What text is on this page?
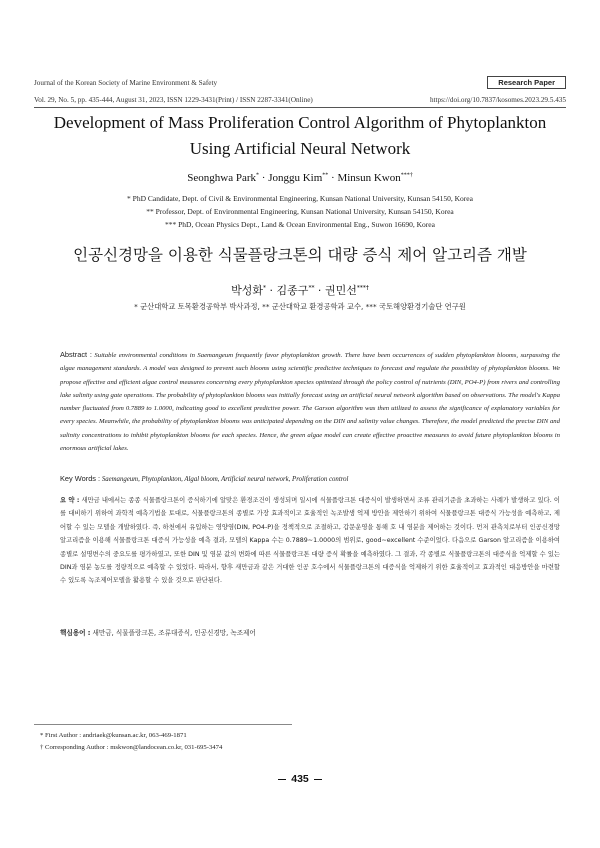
Journal of the Korean Society of Marine Environment & Safety	Research Paper
Vol. 29, No. 5, pp. 435-444, August 31, 2023, ISSN 1229-3431(Print) / ISSN 2287-3341(Online)	https://doi.org/10.7837/kosomes.2023.29.5.435
Development of Mass Proliferation Control Algorithm of Phytoplankton
Using Artificial Neural Network
Seonghwa Park* · Jonggu Kim** · Minsun Kwon***†
* PhD Candidate, Dept. of Civil & Environmental Engineering, Kunsan National University, Kunsan 54150, Korea
** Professor, Dept. of Environmental Engineering, Kunsan National University, Kunsan 54150, Korea
*** PhD, Ocean Physics Dept., Land & Ocean Environmental Eng., Suwon 16690, Korea
인공신경망을 이용한 식물플랑크톤의 대량 증식 제어 알고리즘 개발
박성화* · 김종구** · 권민선***†
* 군산대학교 토목환경공학부 박사과정, ** 군산대학교 환경공학과 교수, *** 국토해양환경기술단 연구원
Abstract : Suitable environmental conditions in Saemangeum frequently favor phytoplankton growth. There have been occurrences of sudden phytoplankton blooms, surpassing the algae management standards. A model was designed to prevent such blooms using scientific predictive techniques to forecast and regulate the possibility of phytoplankton blooms. We propose effective and efficient algae control measures concerning every phytoplankton species optimized through the policy control of nutrients (DIN, PO4-P) from rivers and controlling lake salinity using gate operations. The probability of phytoplankton blooms was initially forecast using an artificial neural network algorithm based on observations. The model's Kappa number fluctuated from 0.7889 to 1.0000, indicating good to excellent predictive power. The Garson algorithm was then utilized to assess the significance of explanatory variables for every species. Meanwhile, the probability of phytoplankton blooms was anticipated depending on the DIN and salinity value changes. Therefore, the model predicted the precise DIN and salinity concentrations to inhibit phytoplankton blooms for each species. Hence, the green algae model can create effective proactive measures to avoid future phytoplankton blooms in enormous artificial lakes.
Key Words : Saemangeum, Phytoplankton, Algal bloom, Artificial neural network, Proliferation control
요 약 : 새만금 내에서는 종종 식물플랑크톤이 증식하기에 알맞은 환경조건이 생성되며 일시에 식물플랑크톤 대증식이 발생하면서 조류 관리기준을 초과하는 사례가 발생하고 있다. 이를 대비하기 위하여 과학적 예측기법을 토대로, 식물플랑크톤의 종별로 가장 효과적이고 효율적인 녹조발생 억제 방안을 제안하기 위하여 식물플랑크톤 대증식 가능성을 예측하고, 제어할 수 있는 모델을 개발하였다. 즉, 하천에서 유입하는 영양염(DIN, PO4-P)을 정책적으로 조절하고, 갑문운영을 통해 호 내 염분을 제어하는 것이다. 먼저 관측치로부터 인공신경망 알고리즘을 이용해 식물플랑크톤 대증식 가능성을 예측 결과, 모델의 Kappa 수는 0.7889∼1.0000의 범위로, good∼excellent 수준이었다. 다음으로 Garson 알고리즘을 이용하여 종별로 설명변수의 중요도를 평가하였고, 또한 DIN 및 염분 값의 변화에 따른 식물플랑크톤 대량 증식 확률을 예측하였다. 그 결과, 각 종별로 식물플랑크톤의 대증식을 억제할 수 있는 DIN과 염분 농도를 정량적으로 예측할 수 있었다. 따라서, 향후 새만금과 같은 거대한 인공 호수에서 식물플랑크톤의 대증식을 억제하기 위한 효율적이고 효과적인 대응방안을 마련할 수 있도록 녹조제어모델을 활용할 수 있을 것으로 판단된다.
핵심용어 : 새만금, 식물플랑크톤, 조류대증식, 인공신경망, 녹조제어
* First Author : andriaek@kunsan.ac.kr, 063-469-1871
† Corresponding Author : mskwon@landocean.co.kr, 031-695-3474
435
